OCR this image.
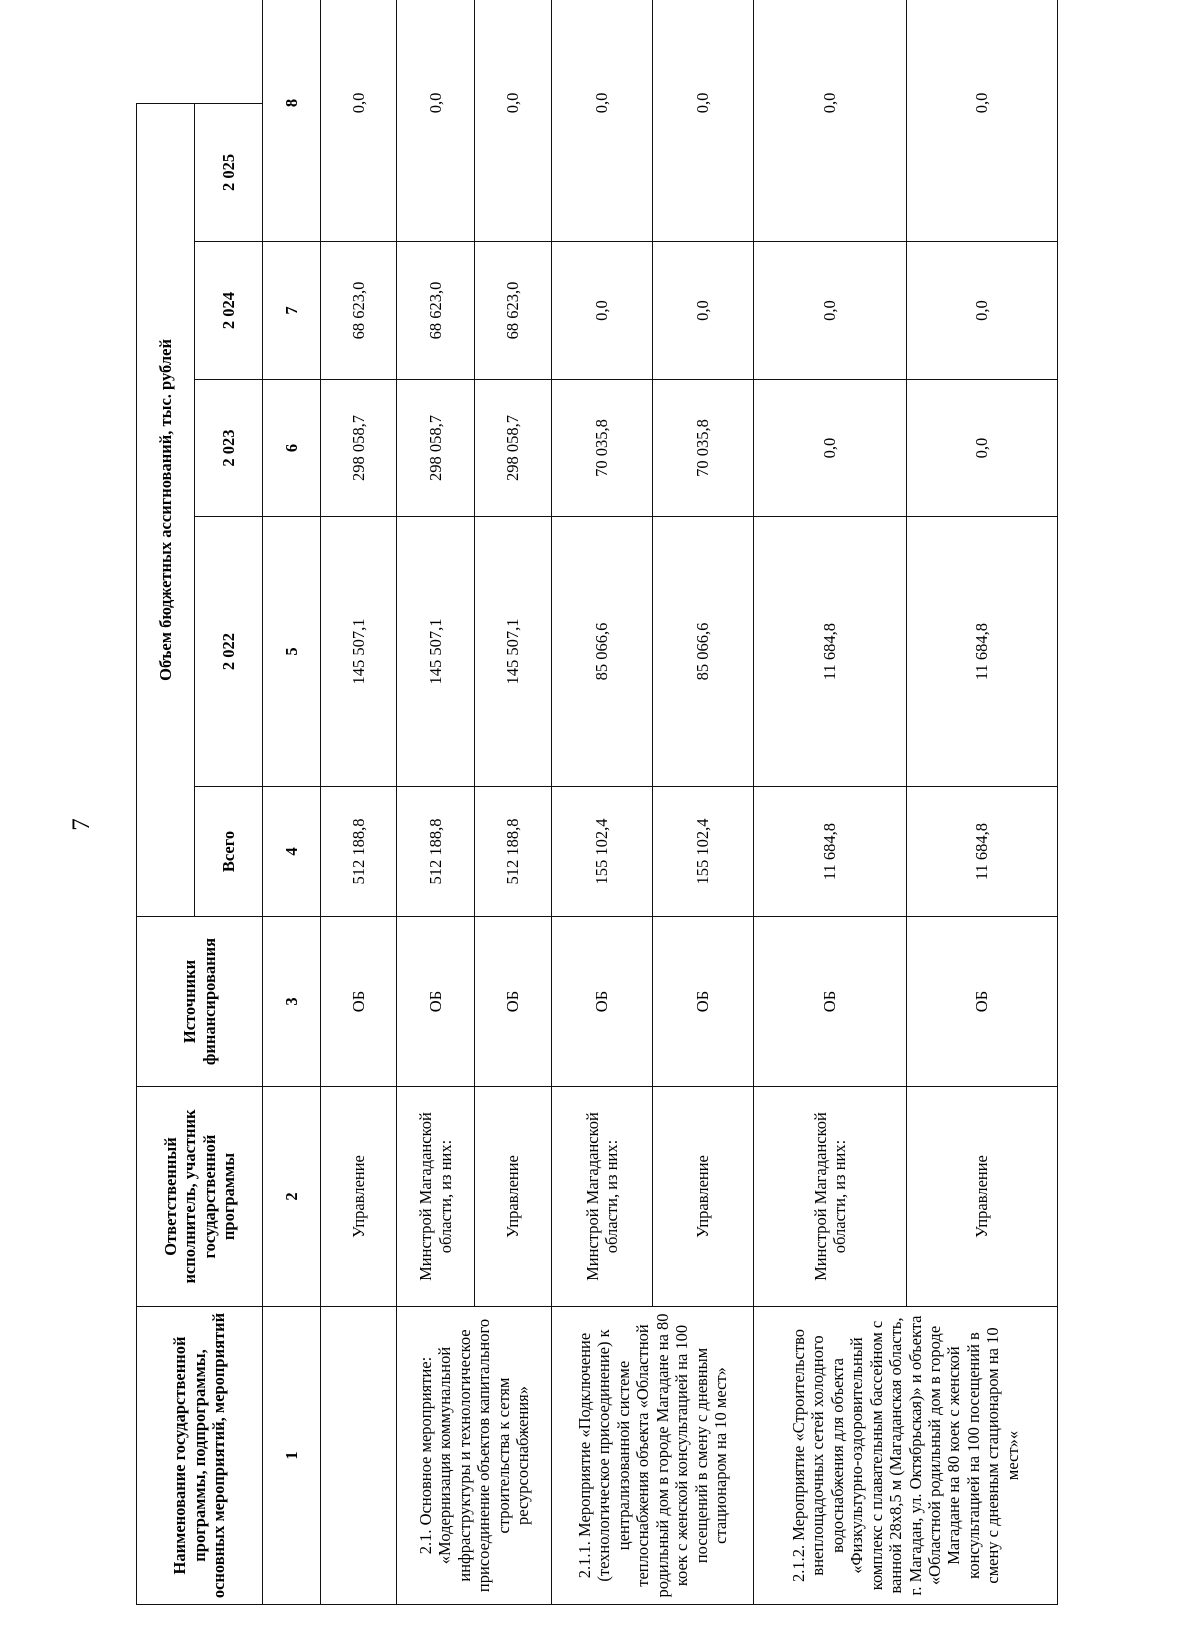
7
Наименование государственной программы, подпрограммы, основных мероприятий, мероприятий	Ответственный исполнитель, участник государственной программы	Источники финансирования	Объем бюджетных ассигнований, тыс. рублей					
			Всего	2 022	2 023	2 024	2 025	
1	2	3	4	5	6	7	8	
	Управление	ОБ	512 188,8	145 507,1	298 058,7	68 623,0	0,0	
2.1. Основное мероприятие: «Модернизация коммунальной инфраструктуры и технологическое присоединение объектов капитального строительства к сетям ресурсоснабжения»	Минстрой Магаданской области, из них:	ОБ	512 188,8	145 507,1	298 058,7	68 623,0	0,0	
	Управление	ОБ	512 188,8	145 507,1	298 058,7	68 623,0	0,0	
2.1.1. Мероприятие «Подключение (технологическое присоединение) к централизованной системе теплоснабжения объекта «Областной родильный дом в городе Магадане на 80 коек с женской консультацией на 100 посещений в смену с дневным стационаром на 10 мест»	Минстрой Магаданской области, из них:	ОБ	155 102,4	85 066,6	70 035,8	0,0	0,0	
	Управление	ОБ	155 102,4	85 066,6	70 035,8	0,0	0,0	
2.1.2. Мероприятие «Строительство внеплощадочных сетей холодного водоснабжения для объекта «Физкультурно-оздоровительный комплекс с плавательным бассейном с ванной 28х8,5 м (Магаданская область, г. Магадан, ул. Октябрьская)» и объекта «Областной родильный дом в городе Магадане на 80 коек с женской консультацией на 100 посещений в смену с дневным стационаром на 10 мест»«	Минстрой Магаданской области, из них:	ОБ	11 684,8	11 684,8	0,0	0,0	0,0	
	Управление	ОБ	11 684,8	11 684,8	0,0	0,0	0,0	
